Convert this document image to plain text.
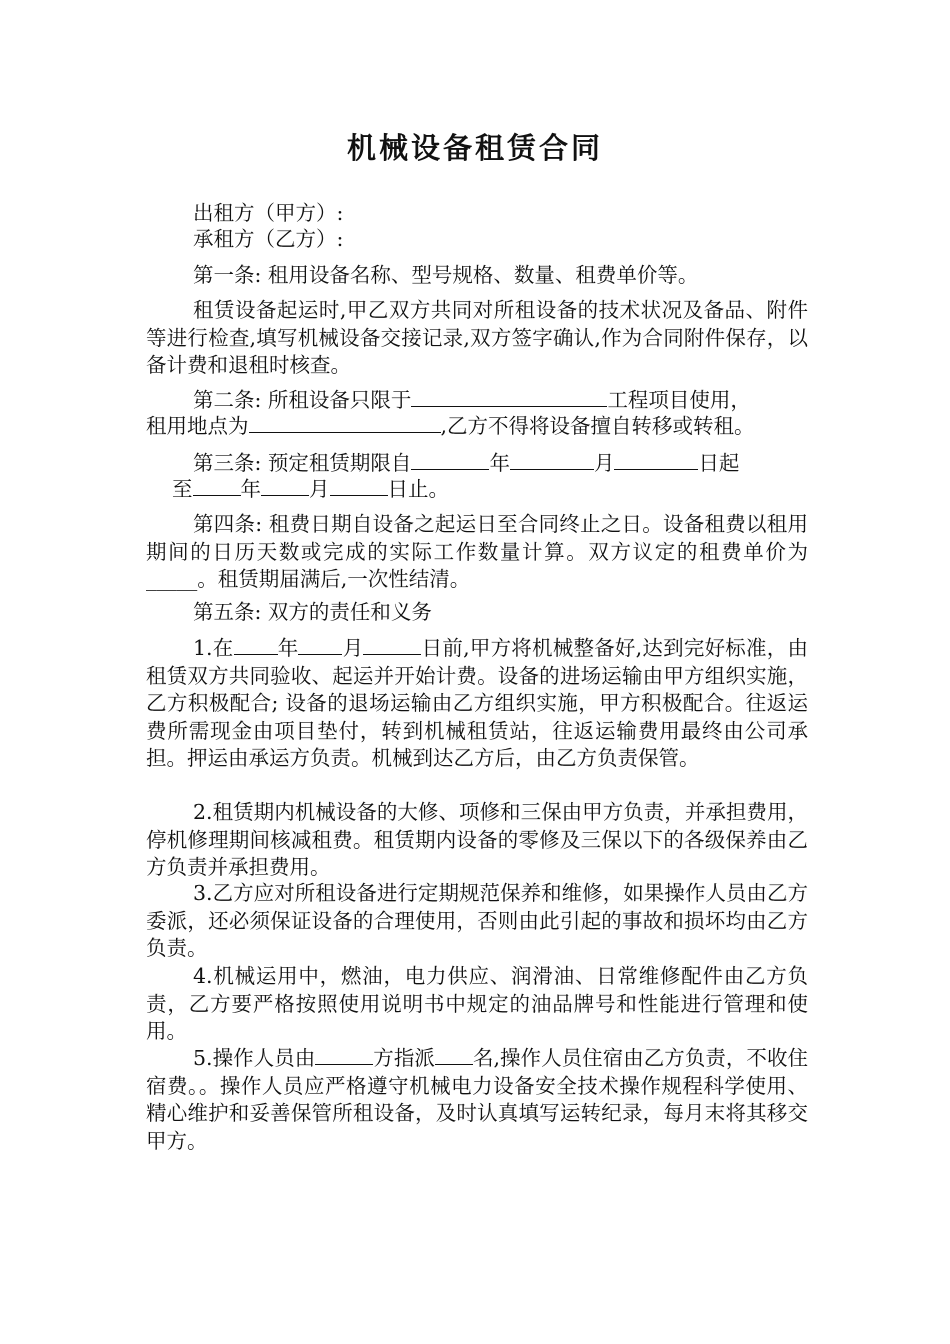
机械设备租赁合同
出租方（甲方）:
承租方（乙方）:
第一条: 租用设备名称、型号规格、数量、租费单价等。
租赁设备起运时,甲乙双方共同对所租设备的技术状况及备品、附件等进行检查,填写机械设备交接记录,双方签字确认,作为合同附件保存，以备计费和退租时核查。
第二条: 所租设备只限于	工程项目使用，
租用地点为	,乙方不得将设备擅自转移或转租。
第三条: 预定租赁期限自	年	月	日起
至 年 月	日止。
第四条: 租费日期自设备之起运日至合同终止之日。设备租费以租用期间的日历天数或完成的实际工作数量计算。双方议定的租费单价为_____。租赁期届满后,一次性结清。
第五条: 双方的责任和义务
1.在 年 月	日前,甲方将机械整备好,达到完好标准，由租赁双方共同验收、起运并开始计费。设备的进场运输由甲方组织实施，乙方积极配合; 设备的退场运输由乙方组织实施，甲方积极配合。往返运费所需现金由项目垫付，转到机械租赁站，往返运输费用最终由公司承担。押运由承运方负责。机械到达乙方后，由乙方负责保管。
2.租赁期内机械设备的大修、项修和三保由甲方负责，并承担费用，停机修理期间核减租费。租赁期内设备的零修及三保以下的各级保养由乙方负责并承担费用。
3.乙方应对所租设备进行定期规范保养和维修，如果操作人员由乙方委派，还必须保证设备的合理使用，否则由此引起的事故和损坏均由乙方负责。
4.机械运用中，燃油，电力供应、润滑油、日常维修配件由乙方负责，乙方要严格按照使用说明书中规定的油品牌号和性能进行管理和使用。
5.操作人员由	方指派 名,操作人员住宿由乙方负责，不收住宿费。。操作人员应严格遵守机械电力设备安全技术操作规程科学使用、精心维护和妥善保管所租设备，及时认真填写运转纪录，每月末将其移交甲方。
